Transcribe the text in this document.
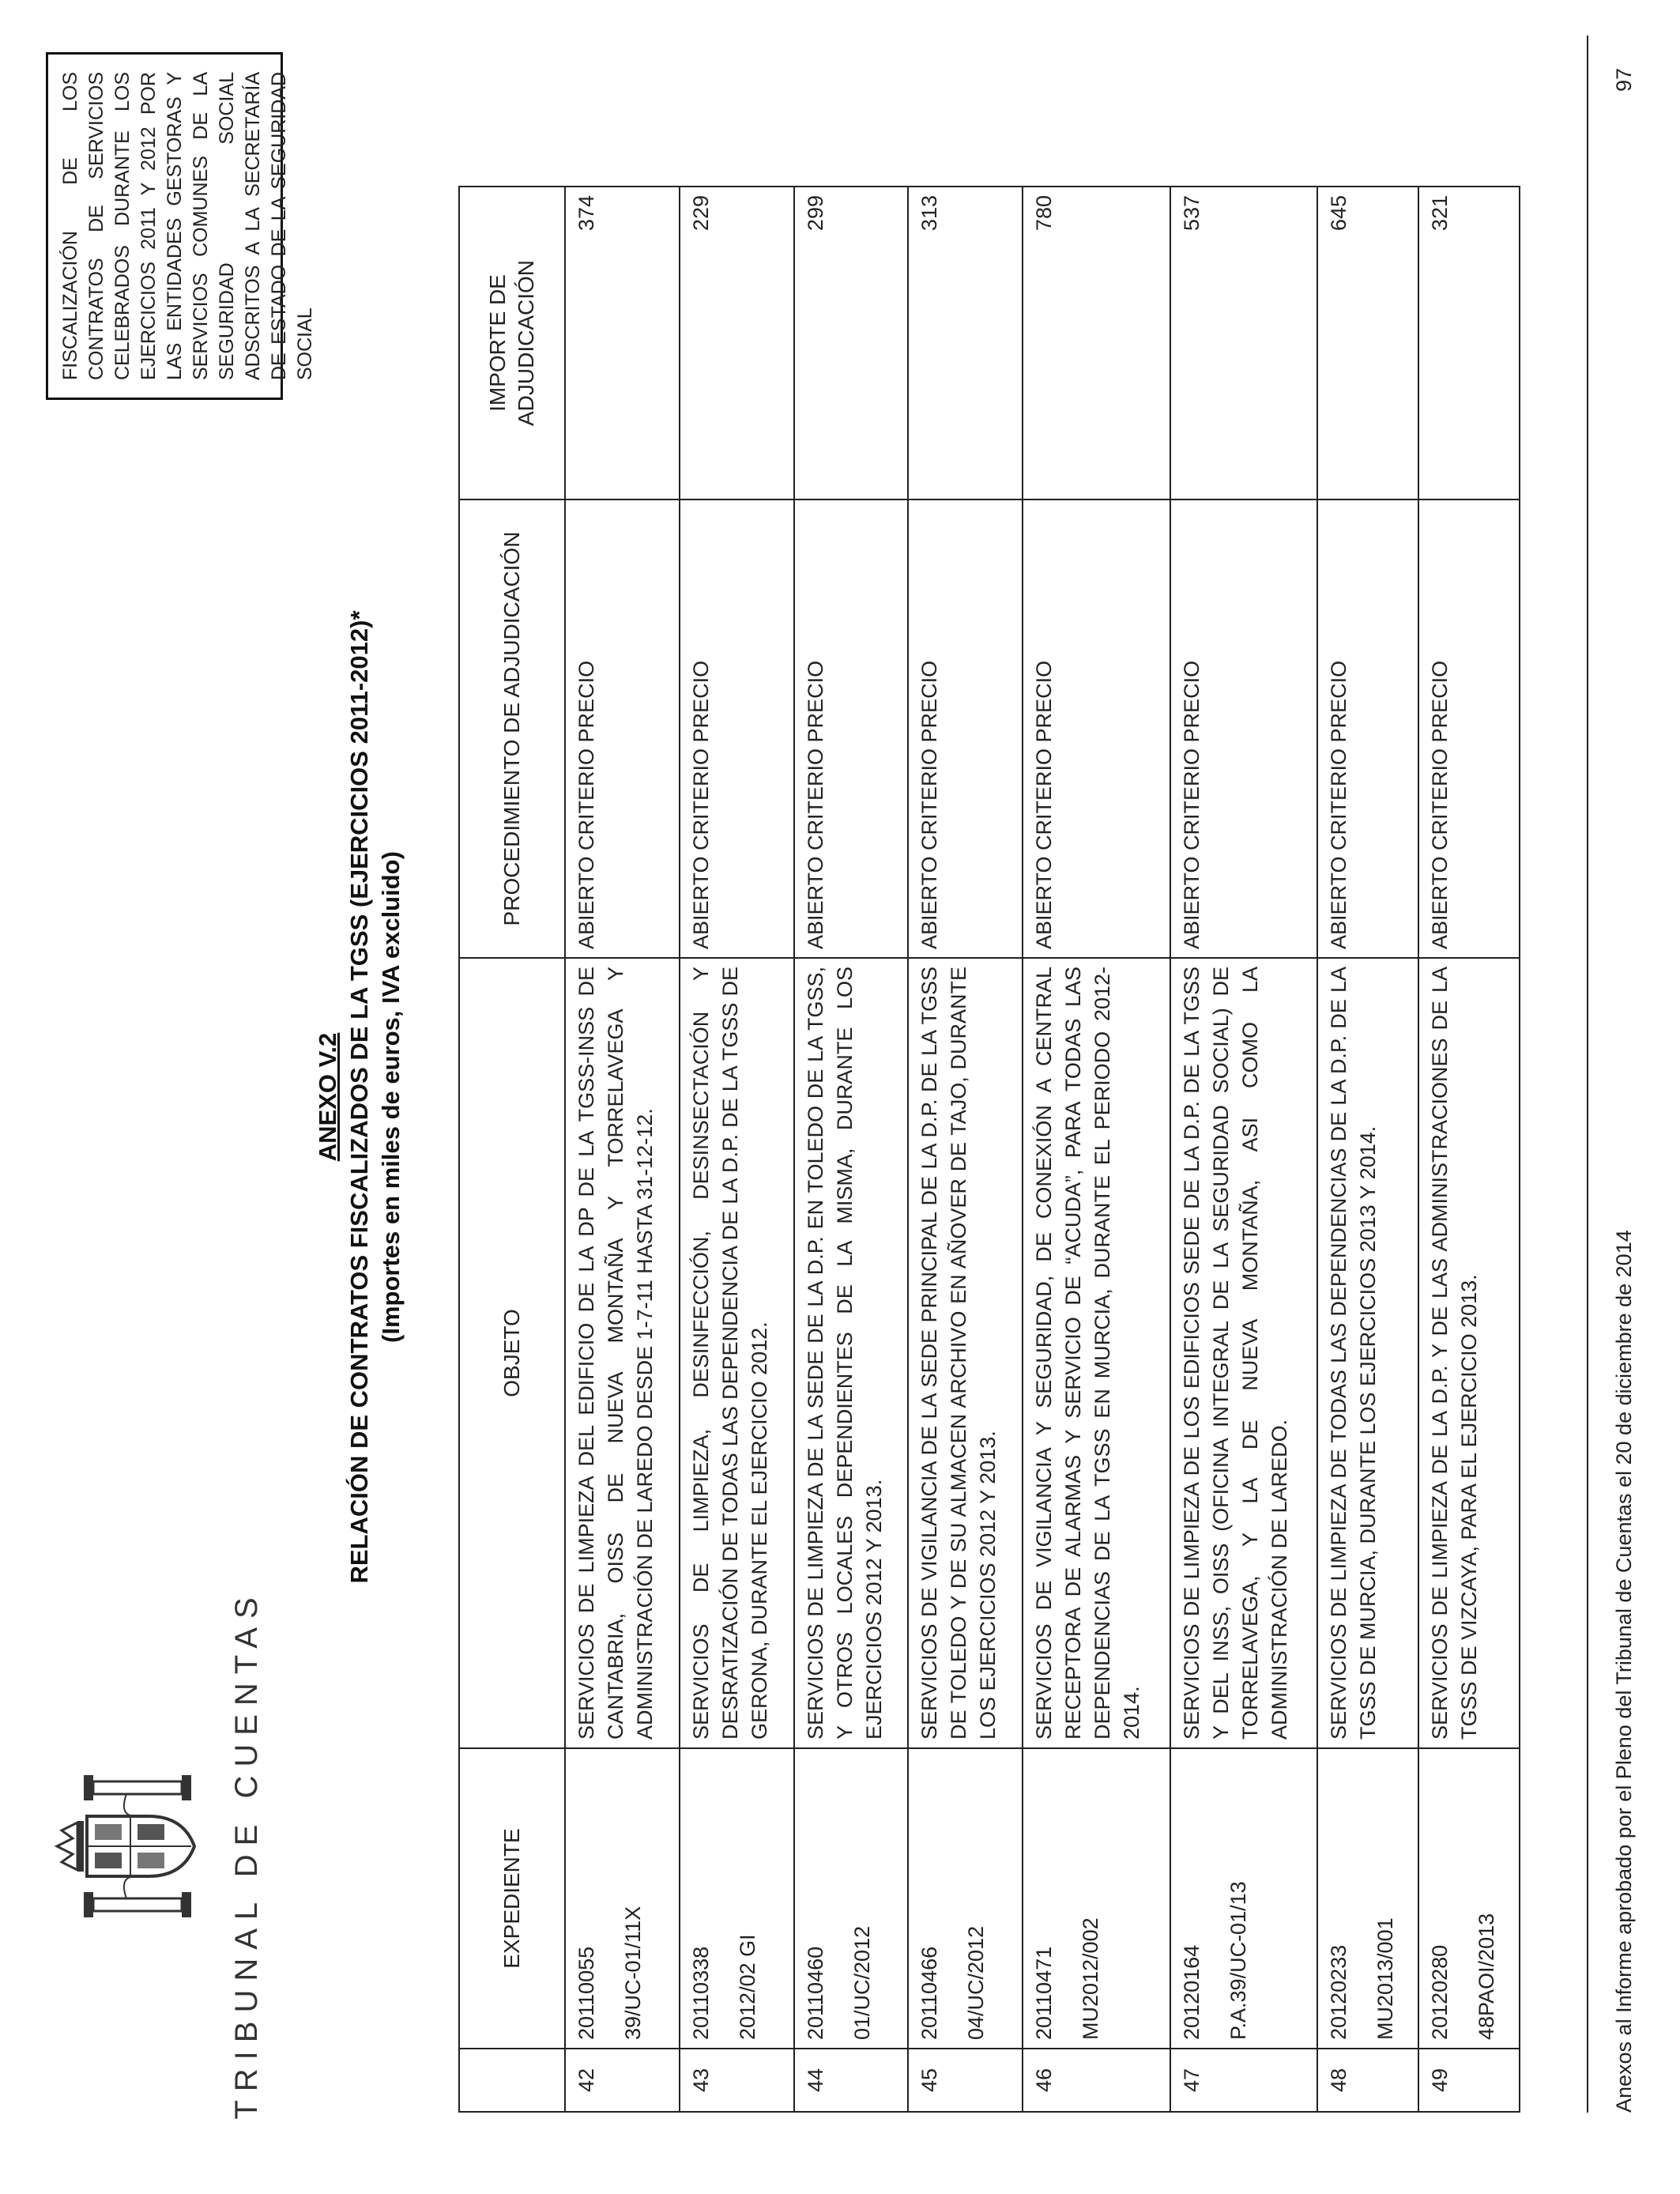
TRIBUNAL DE CUENTAS
FISCALIZACIÓN DE LOS CONTRATOS DE SERVICIOS CELEBRADOS DURANTE LOS EJERCICIOS 2011 Y 2012 POR LAS ENTIDADES GESTORAS Y SERVICIOS COMUNES DE LA SEGURIDAD SOCIAL ADSCRITOS A LA SECRETARÍA DE ESTADO DE LA SEGURIDAD SOCIAL
ANEXO V.2 RELACIÓN DE CONTRATOS FISCALIZADOS DE LA TGSS (EJERCICIOS 2011-2012)* (Importes en miles de euros, IVA excluido)
	EXPEDIENTE	OBJETO	PROCEDIMIENTO DE ADJUDICACIÓN	IMPORTE DE ADJUDICACIÓN
42	20110055 39/UC-01/11X	SERVICIOS DE LIMPIEZA DEL EDIFICIO DE LA DP DE LA TGSS-INSS DE CANTABRIA, OISS DE NUEVA MONTAÑA Y TORRELAVEGA Y ADMINISTRACIÓN DE LAREDO DESDE 1-7-11 HASTA 31-12-12.	ABIERTO CRITERIO PRECIO	374
43	20110338 2012/02 GI	SERVICIOS DE LIMPIEZA, DESINFECCIÓN, DESINSECTACIÓN Y DESRATIZACIÓN DE TODAS LAS DEPENDENCIA DE LA D.P. DE LA TGSS DE GERONA, DURANTE EL EJERCICIO 2012.	ABIERTO CRITERIO PRECIO	229
44	20110460 01/UC/2012	SERVICIOS DE LIMPIEZA DE LA SEDE DE LA D.P. EN TOLEDO DE LA TGSS, Y OTROS LOCALES DEPENDIENTES DE LA MISMA, DURANTE LOS EJERCICIOS 2012 Y 2013.	ABIERTO CRITERIO PRECIO	299
45	20110466 04/UC/2012	SERVICIOS DE VIGILANCIA DE LA SEDE PRINCIPAL DE LA D.P. DE LA TGSS DE TOLEDO Y DE SU ALMACEN ARCHIVO EN AÑOVER DE TAJO, DURANTE LOS EJERCICIOS 2012 Y 2013.	ABIERTO CRITERIO PRECIO	313
46	20110471 MU2012/002	SERVICIOS DE VIGILANCIA Y SEGURIDAD, DE CONEXIÓN A CENTRAL RECEPTORA DE ALARMAS Y SERVICIO DE “ACUDA”, PARA TODAS LAS DEPENDENCIAS DE LA TGSS EN MURCIA, DURANTE EL PERIODO 2012-2014.	ABIERTO CRITERIO PRECIO	780
47	20120164 P.A.39/UC-01/13	SERVICIOS DE LIMPIEZA DE LOS EDIFICIOS SEDE DE LA D.P. DE LA TGSS Y DEL INSS, OISS (OFICINA INTEGRAL DE LA SEGURIDAD SOCIAL) DE TORRELAVEGA, Y LA DE NUEVA MONTAÑA, ASI COMO LA ADMINISTRACIÓN DE LAREDO.	ABIERTO CRITERIO PRECIO	537
48	20120233 MU2013/001	SERVICIOS DE LIMPIEZA DE TODAS LAS DEPENDENCIAS DE LA D.P. DE LA TGSS DE MURCIA, DURANTE LOS EJERCICIOS 2013 Y 2014.	ABIERTO CRITERIO PRECIO	645
49	20120280 48PAOI/2013	SERVICIOS DE LIMPIEZA DE LA D.P. Y DE LAS ADMINISTRACIONES DE LA TGSS DE VIZCAYA, PARA EL EJERCICIO 2013.	ABIERTO CRITERIO PRECIO	321
Anexos al Informe aprobado por el Pleno del Tribunal de Cuentas el 20 de diciembre de 2014
97
